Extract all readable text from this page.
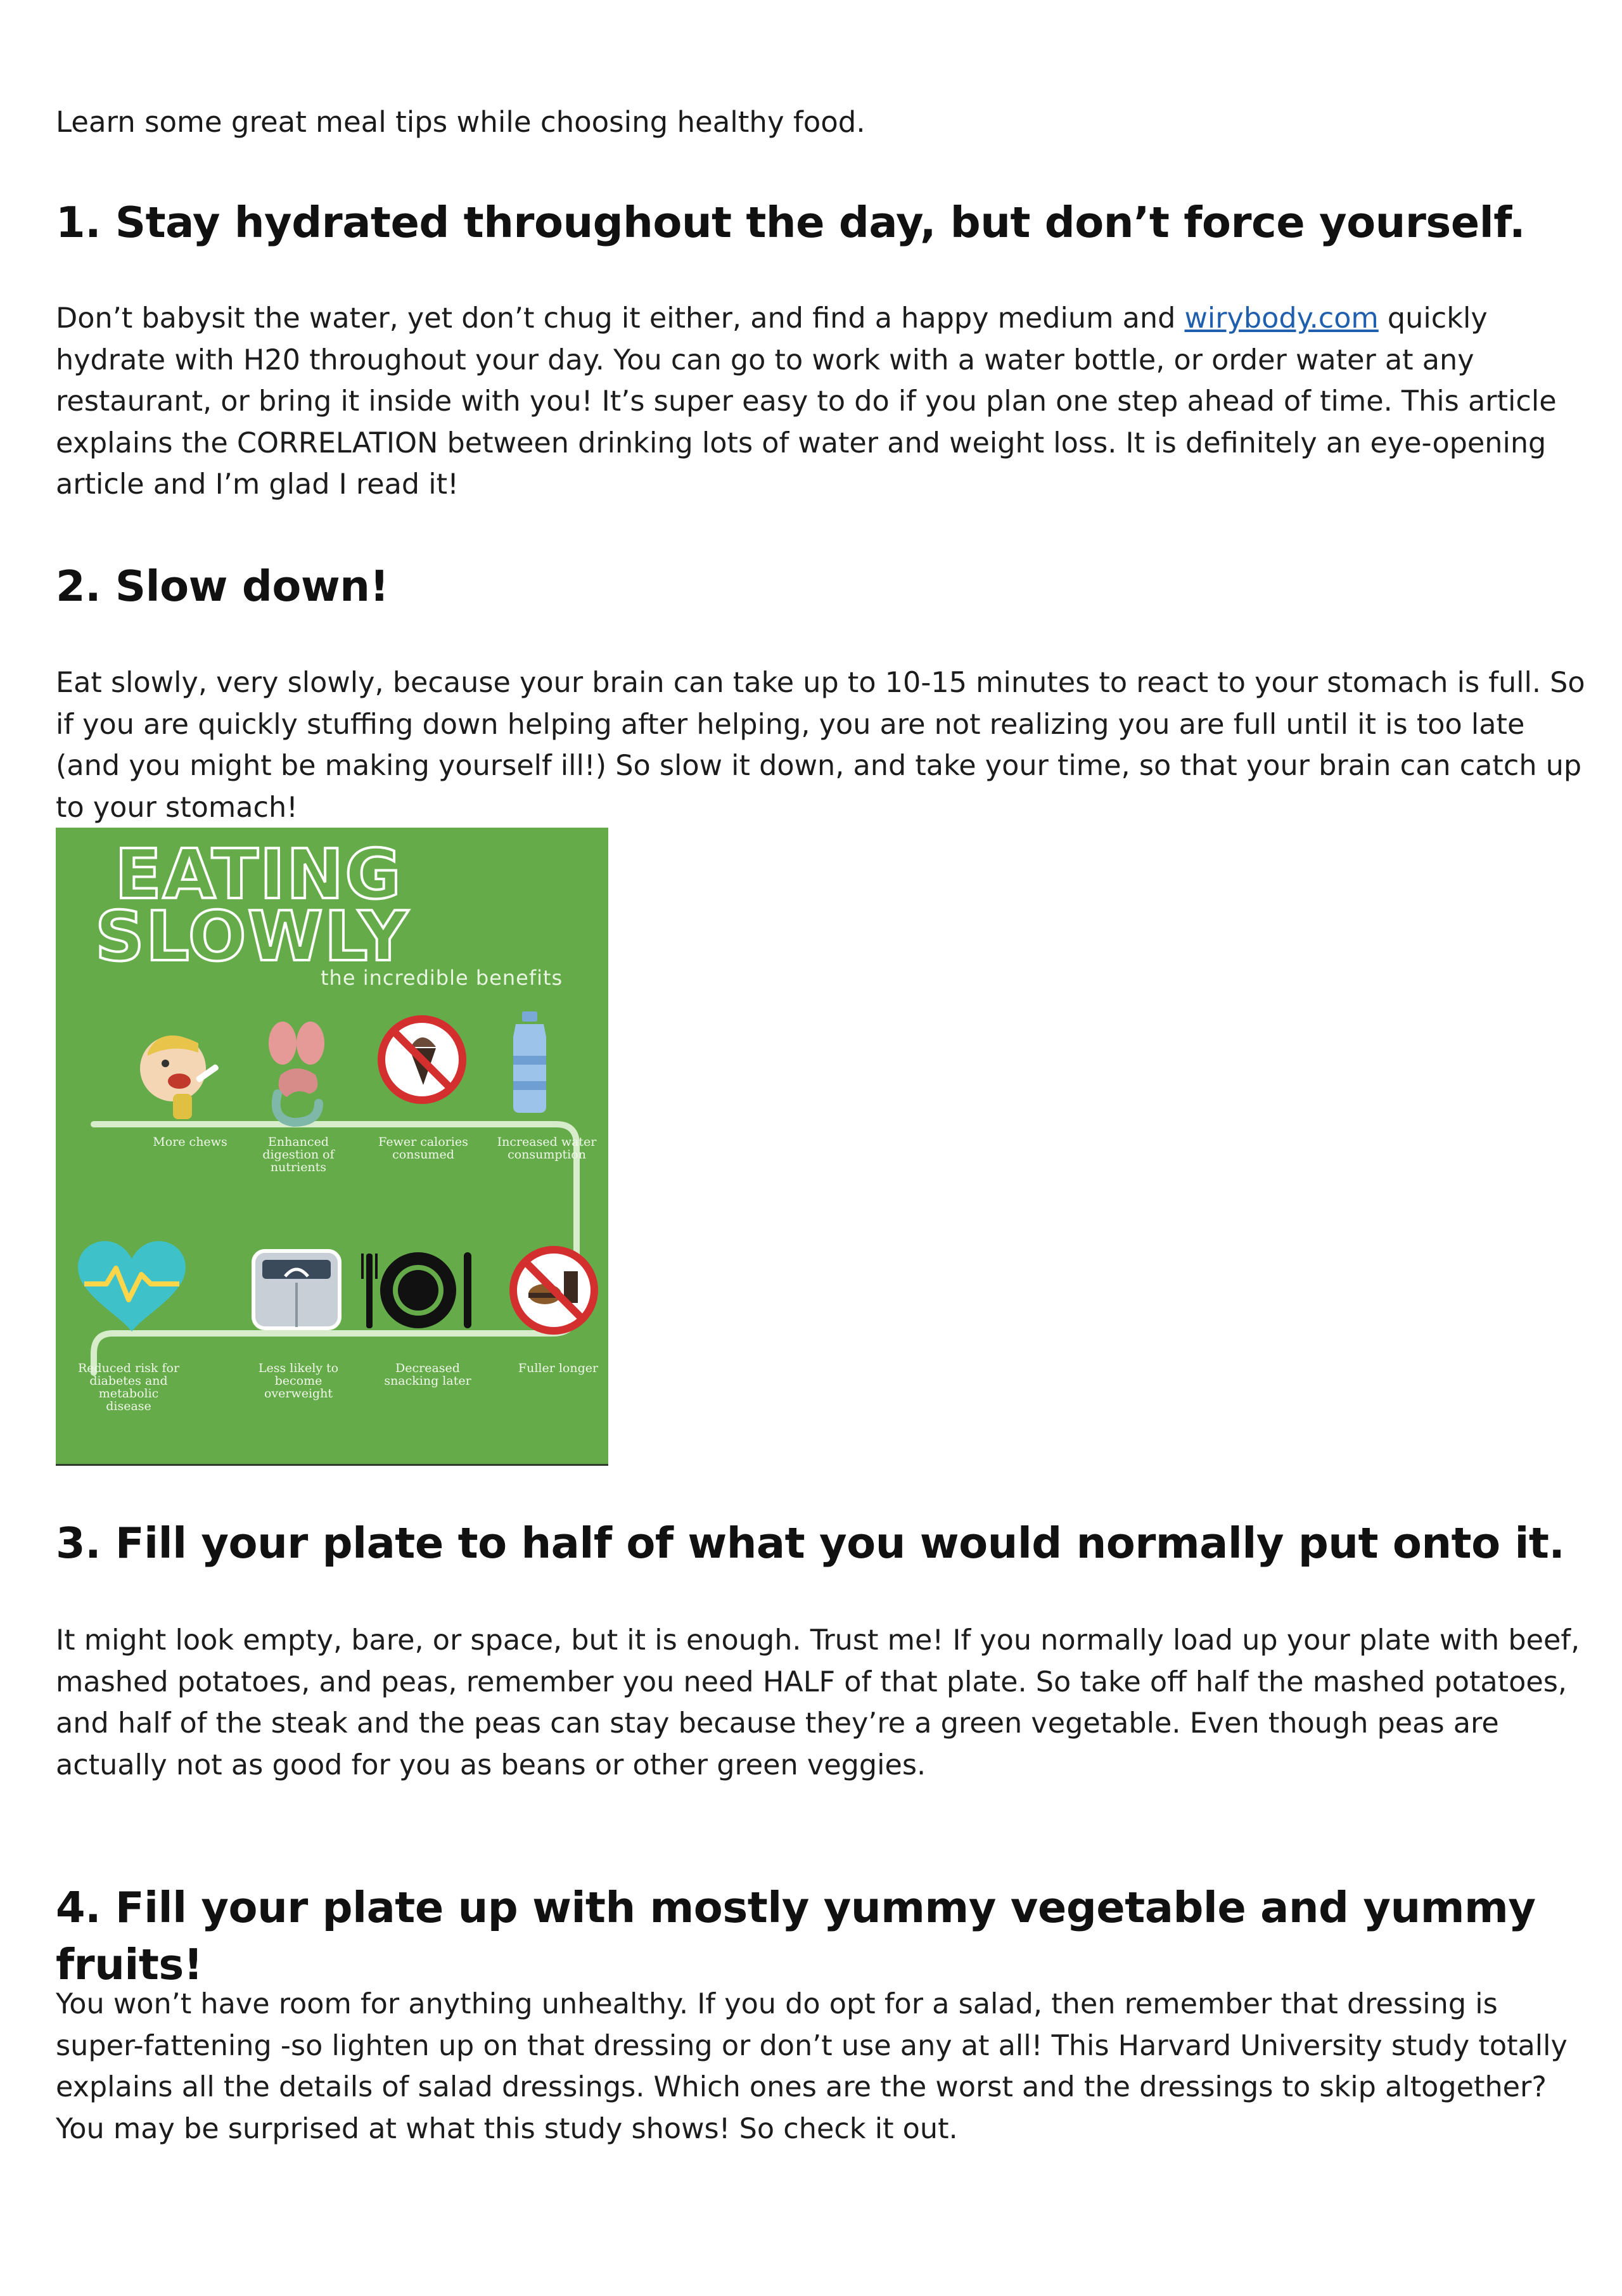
Learn some great meal tips while choosing healthy food.

1. Stay hydrated throughout the day, but don’t force yourself.

Don’t babysit the water, yet don’t chug it either, and find a happy medium and wirybody.com quickly hydrate with H20 throughout your day. You can go to work with a water bottle, or order water at any restaurant, or bring it inside with you! It’s super easy to do if you plan one step ahead of time. This article explains the CORRELATION between drinking lots of water and weight loss. It is definitely an eye-opening article and I’m glad I read it!

2. Slow down!

Eat slowly, very slowly, because your brain can take up to 10-15 minutes to react to your stomach is full. So if you are quickly stuffing down helping after helping, you are not realizing you are full until it is too late (and you might be making yourself ill!) So slow it down, and take your time, so that your brain can catch up to your stomach!

EATING
SLOWLY
the incredible benefits
More chews	Enhanced digestion of nutrients
Fewer calories consumed
Increased water consumption
Reduced risk for diabetes and metabolic disease
Less likely to become overweight
Decreased snacking later
Fuller longer
3. Fill your plate to half of what you would normally put onto it.

It might look empty, bare, or space, but it is enough. Trust me! If you normally load up your plate with beef, mashed potatoes, and peas, remember you need HALF of that plate. So take off half the mashed potatoes, and half of the steak and the peas can stay because they’re a green vegetable. Even though peas are actually not as good for you as beans or other green veggies.

4. Fill your plate up with mostly yummy vegetable and yummy fruits!

You won’t have room for anything unhealthy. If you do opt for a salad, then remember that dressing is super-fattening -so lighten up on that dressing or don’t use any at all! This Harvard University study totally explains all the details of salad dressings. Which ones are the worst and the dressings to skip altogether? You may be surprised at what this study shows! So check it out.
